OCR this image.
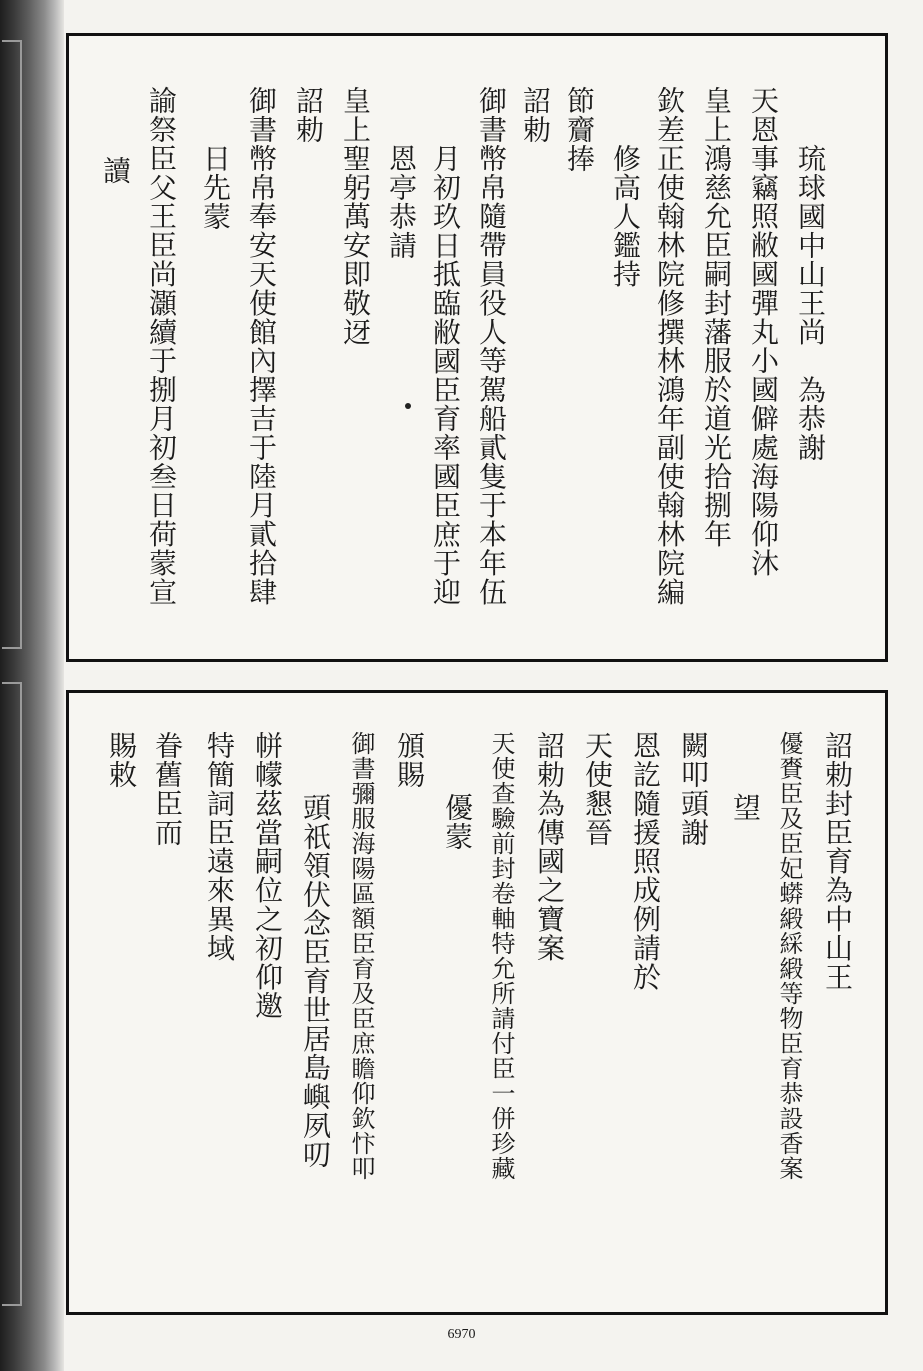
琉球國中山王尚　為恭謝
天恩事竊照敝國彈丸小國僻處海陽仰沐
皇上鴻慈允臣嗣封藩服於道光拾捌年
欽差正使翰林院修撰林鴻年副使翰林院編
修高人鑑持
節齎捧
詔勅
御書幣帛隨帶員役人等駕船貳隻于本年伍
月初玖日抵臨敝國臣育率國臣庶于迎
恩亭恭請
皇上聖躬萬安即敬迓
詔勅
御書幣帛奉安天使館內擇吉于陸月貳拾肆
日先蒙
諭祭臣父王臣尚灝續于捌月初叁日荷蒙宣
讀
詔勅封臣育為中山王
優賚臣及臣妃蟒緞綵緞等物臣育恭設香案
望
闕叩頭謝
恩訖隨援照成例請於
天使懇晉
詔勅為傳國之寶案
天使查驗前封卷軸特允所請付臣一併珍藏
優蒙
頒賜
御書彌服海陽區額臣育及臣庶瞻仰欽忭叩
頭祇領伏念臣育世居島嶼夙叨
帡幪茲當嗣位之初仰邀
特簡詞臣遠來異域
眷舊臣而
賜敕
6970
